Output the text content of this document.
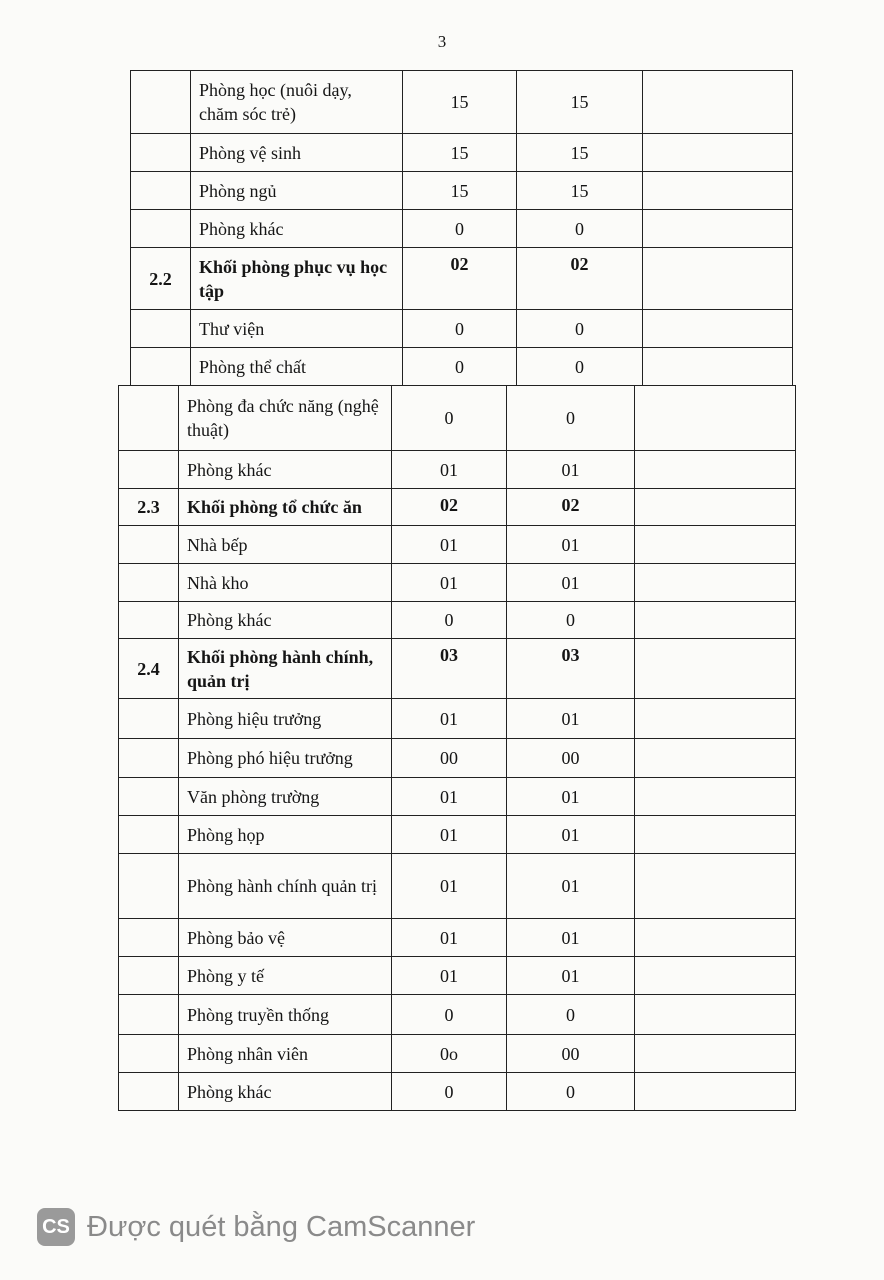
3
	Phòng học (nuôi dạy, chăm sóc trẻ)	15	15	
	Phòng vệ sinh	15	15	
	Phòng ngủ	15	15	
	Phòng khác	0	0	
2.2	Khối phòng phục vụ học tập	02	02	
	Thư viện	0	0	
	Phòng thể chất	0	0	
	Phòng đa chức năng (nghệ thuật)	0	0	
	Phòng khác	01	01	
2.3	Khối phòng tổ chức ăn	02	02	
	Nhà bếp	01	01	
	Nhà kho	01	01	
	Phòng khác	0	0	
2.4	Khối phòng hành chính, quản trị	03	03	
	Phòng hiệu trưởng	01	01	
	Phòng phó hiệu trưởng	00	00	
	Văn phòng trường	01	01	
	Phòng họp	01	01	
	Phòng hành chính quản trị	01	01	
	Phòng bảo vệ	01	01	
	Phòng y tế	01	01	
	Phòng truyền thống	0	0	
	Phòng nhân viên	0o	00	
	Phòng khác	0	0	
CS Được quét bằng CamScanner
